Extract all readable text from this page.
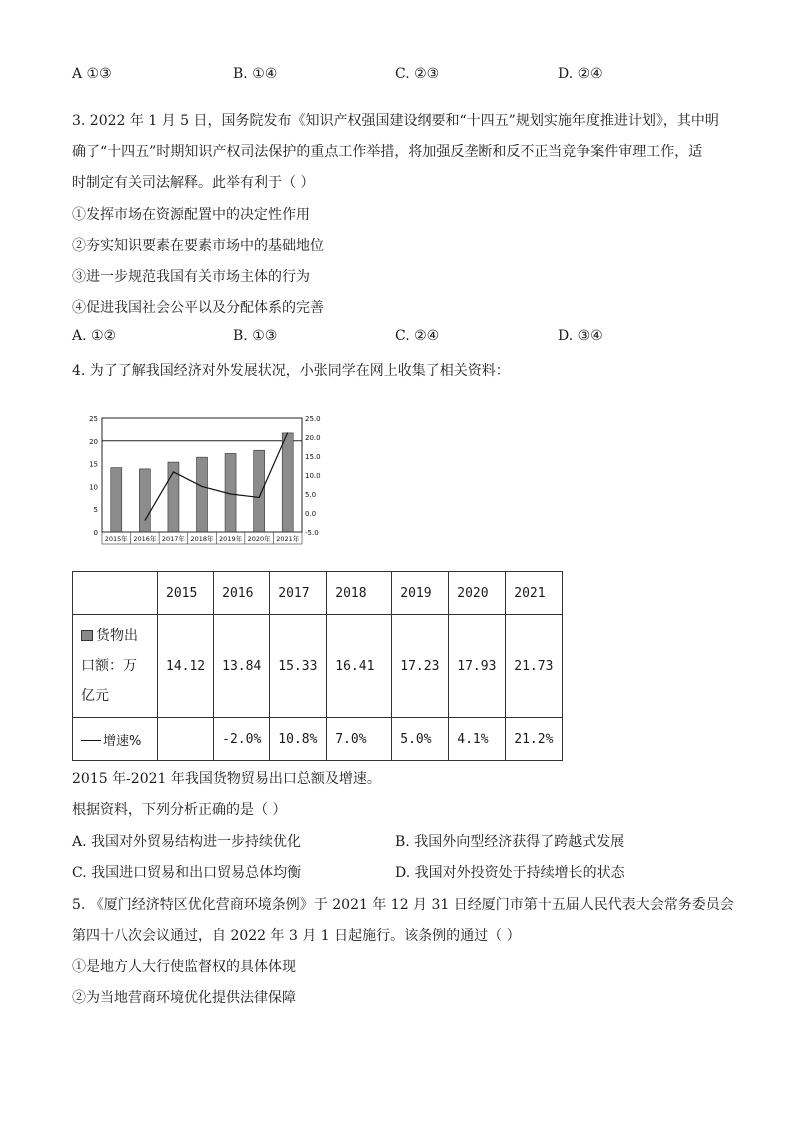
A ①③	B. ①④	C. ②③	D. ②④
3. 2022 年 1 月 5 日，国务院发布《知识产权强国建设纲要和“十四五”规划实施年度推进计划》，其中明
确了“十四五”时期知识产权司法保护的重点工作举措，将加强反垄断和反不正当竞争案件审理工作，适
时制定有关司法解释。此举有利于（ ）
①发挥市场在资源配置中的决定性作用
②夯实知识要素在要素市场中的基础地位
③进一步规范我国有关市场主体的行为
④促进我国社会公平以及分配体系的完善
A. ①②	B. ①③	C. ②④	D. ③④
4. 为了了解我国经济对外发展状况，小张同学在网上收集了相关资料：
0
5
10
15
20
25
-5.0
0.0
5.0
10.0
15.0
20.0
25.0
2015年 2016年 2017年 2018年 2019年 2020年 2021年
	2015	2016	2017	2018	2019	2020	2021

货物出
口额：万
亿元	14.12	13.84	15.33	16.41	17.23	17.93	21.73
增速%		-2.0%	10.8%	7.0%	5.0%	4.1%	21.2%
2015 年-2021 年我国货物贸易出口总额及增速。
根据资料，下列分析正确的是（ ）
A. 我国对外贸易结构进一步持续优化	B. 我国外向型经济获得了跨越式发展
C. 我国进口贸易和出口贸易总体均衡	D. 我国对外投资处于持续增长的状态
5. 《厦门经济特区优化营商环境条例》于 2021 年 12 月 31 日经厦门市第十五届人民代表大会常务委员会
第四十八次会议通过，自 2022 年 3 月 1 日起施行。该条例的通过（ ）
①是地方人大行使监督权的具体体现
②为当地营商环境优化提供法律保障
